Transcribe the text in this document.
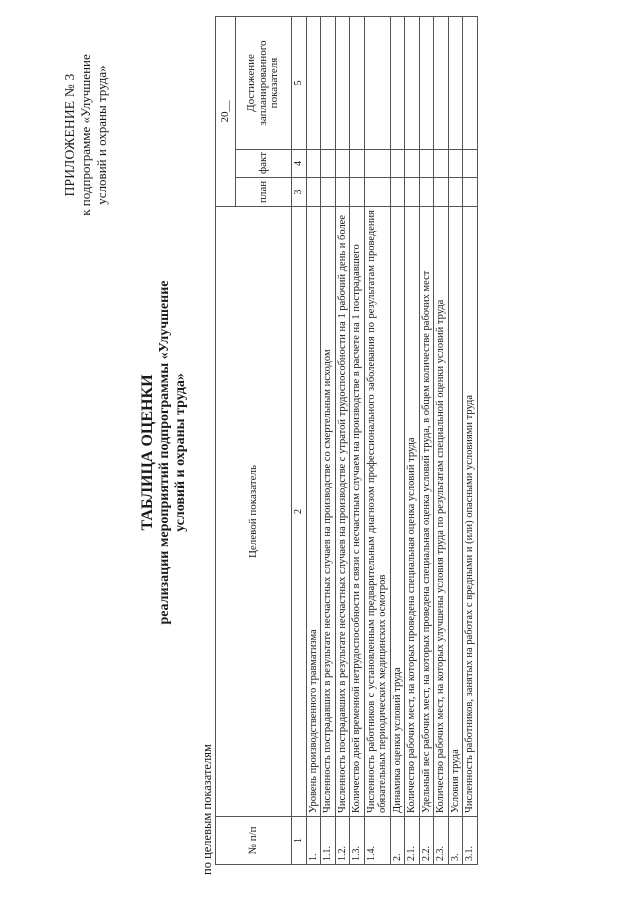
ПРИЛОЖЕНИЕ № 3 к подпрограмме «Улучшение условий и охраны труда»
ТАБЛИЦА ОЦЕНКИ реализации мероприятий подпрограммы «Улучшение условий и охраны труда»
по целевым показателям	№ п/п	Целевой показатель	20__		
		план	факт	Достижение запланированного показателя
1	2	3	4	5
1.	Уровень производственного травматизма			
1.1.	Численность пострадавших в результате несчастных случаев на производстве со смертельным исходом			
1.2.	Численность пострадавших в результате несчастных случаев на производстве с утратой трудоспособности на 1 рабочий день и более			
1.3.	Количество дней временной нетрудоспособности в связи с несчастным случаем на производстве в расчете на 1 пострадавшего			
1.4.	Численность работников с установленным предварительным диагнозом профессионального заболевания по результатам проведения обязательных периодических медицинских осмотров			
2.	Динамика оценки условий труда			
2.1.	Количество рабочих мест, на которых проведена специальная оценка условий труда			
2.2.	Удельный вес рабочих мест, на которых проведена специальная оценка условий труда, в общем количестве рабочих мест			
2.3.	Количество рабочих мест, на которых улучшены условия труда по результатам специальной оценки условий труда			
3.	Условия труда			
3.1.	Численность работников, занятых на работах с вредными и (или) опасными условиями труда			
